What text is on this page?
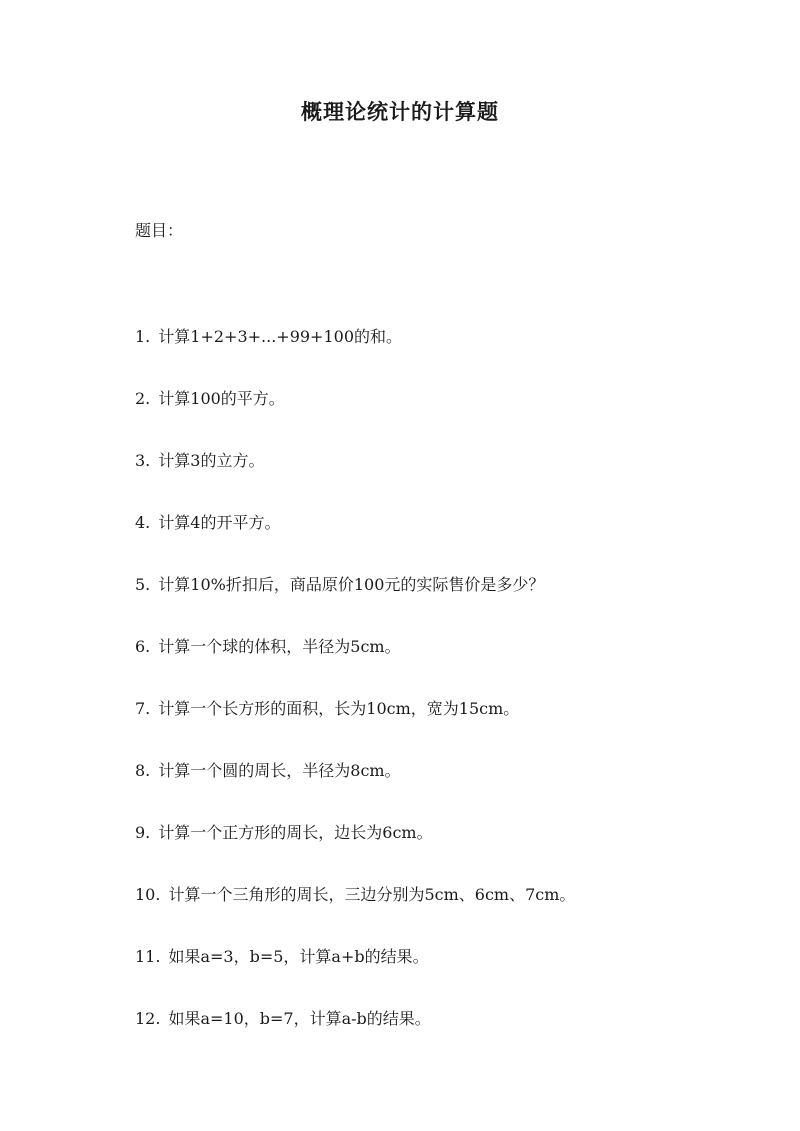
概理论统计的计算题
题目：
1. 计算1+2+3+...+99+100的和。
2. 计算100的平方。
3. 计算3的立方。
4. 计算4的开平方。
5. 计算10%折扣后，商品原价100元的实际售价是多少？
6. 计算一个球的体积，半径为5cm。
7. 计算一个长方形的面积，长为10cm，宽为15cm。
8. 计算一个圆的周长，半径为8cm。
9. 计算一个正方形的周长，边长为6cm。
10. 计算一个三角形的周长，三边分别为5cm、6cm、7cm。
11. 如果a=3，b=5，计算a+b的结果。
12. 如果a=10，b=7，计算a-b的结果。
